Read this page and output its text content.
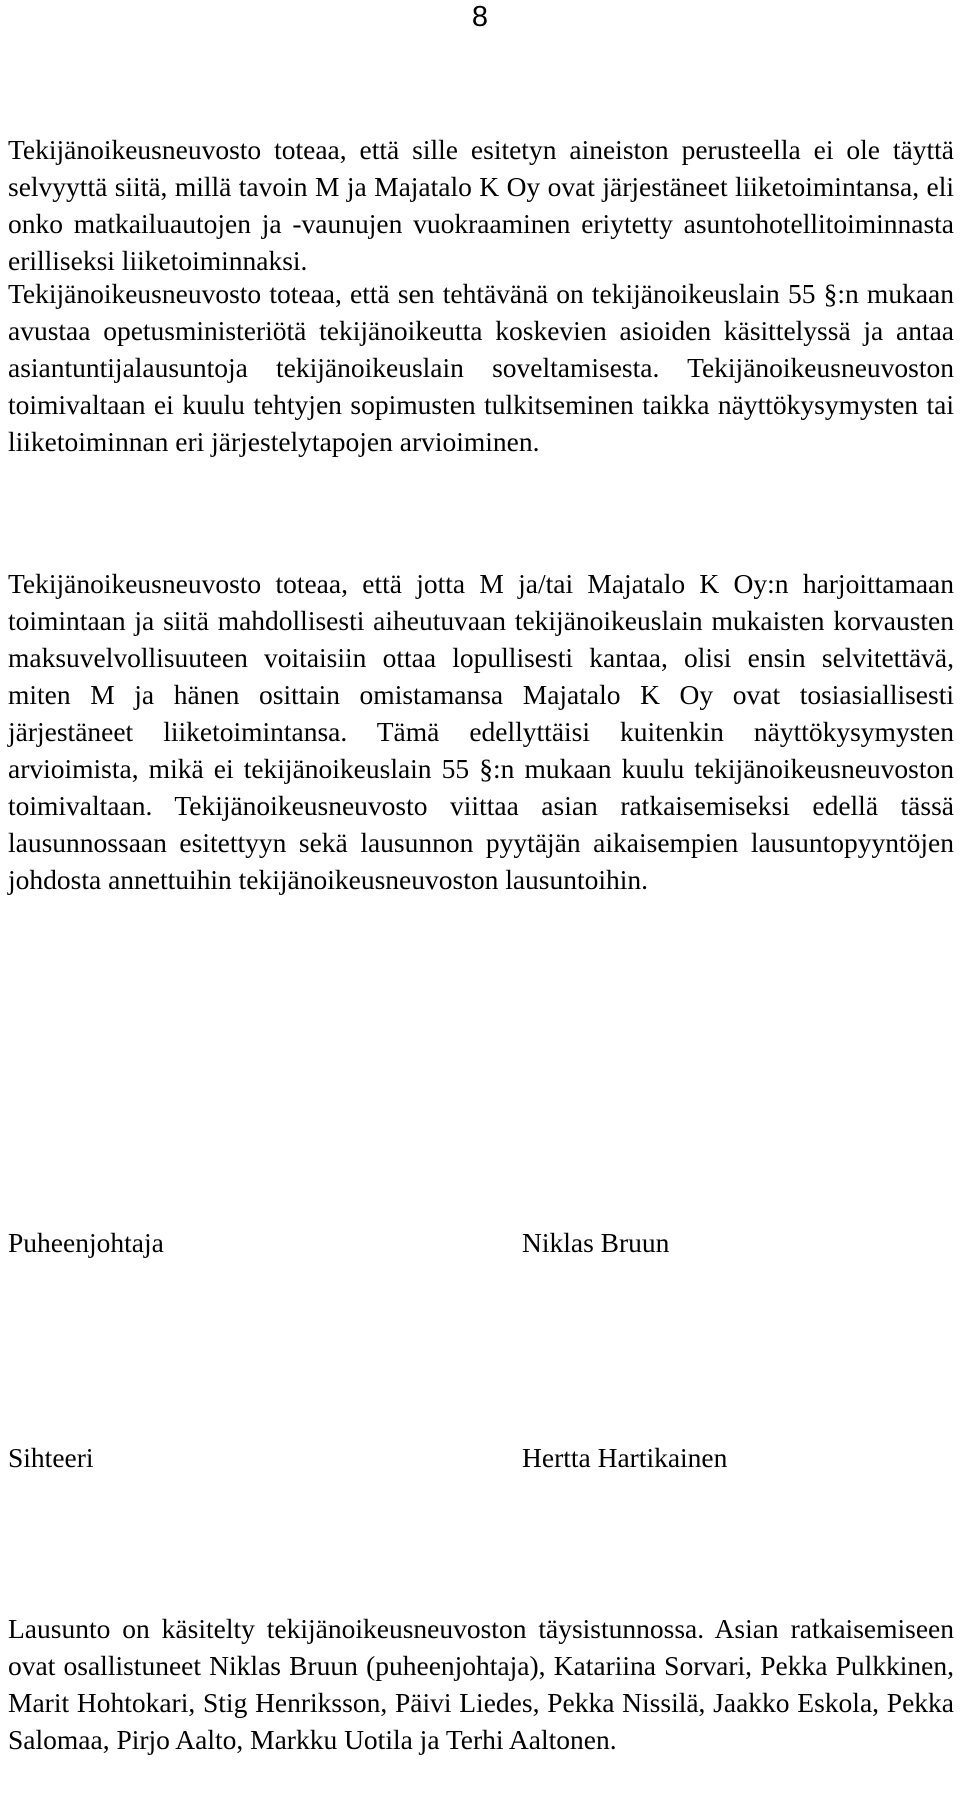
8

Tekijänoikeusneuvosto toteaa, että sille esitetyn aineiston perusteella ei ole täyttä selvyyttä siitä, millä tavoin M ja Majatalo K Oy ovat järjestäneet liiketoimintansa, eli onko matkailuautojen ja -vaunujen vuokraaminen eriytetty asuntohotellitoiminnasta erilliseksi liiketoiminnaksi.

Tekijänoikeusneuvosto toteaa, että sen tehtävänä on tekijänoikeuslain 55 §:n mukaan avustaa opetusministeriötä tekijänoikeutta koskevien asioiden käsittelyssä ja antaa asiantuntijalausuntoja tekijänoikeuslain soveltamisesta. Tekijänoikeusneuvoston toimivaltaan ei kuulu tehtyjen sopimusten tulkitseminen taikka näyttökysymysten tai liiketoiminnan eri järjestelytapojen arvioiminen.

Tekijänoikeusneuvosto toteaa, että jotta M ja/tai Majatalo K Oy:n harjoittamaan toimintaan ja siitä mahdollisesti aiheutuvaan tekijänoikeuslain mukaisten korvausten maksuvelvollisuuteen voitaisiin ottaa lopullisesti kantaa, olisi ensin selvitettävä, miten M ja hänen osittain omistamansa Majatalo K Oy ovat tosiasiallisesti järjestäneet liiketoimintansa. Tämä edellyttäisi kuitenkin näyttökysymysten arvioimista, mikä ei tekijänoikeuslain 55 §:n mukaan kuulu tekijänoikeusneuvoston toimivaltaan. Tekijänoikeusneuvosto viittaa asian ratkaisemiseksi edellä tässä lausunnossaan esitettyyn sekä lausunnon pyytäjän aikaisempien lausuntopyyntöjen johdosta annettuihin tekijänoikeusneuvoston lausuntoihin.

Puheenjohtaja	Niklas Bruun

Sihteeri	Hertta Hartikainen

Lausunto on käsitelty tekijänoikeusneuvoston täysistunnossa. Asian ratkaisemiseen ovat osallistuneet Niklas Bruun (puheenjohtaja), Katariina Sorvari, Pekka Pulkkinen, Marit Hohtokari, Stig Henriksson, Päivi Liedes, Pekka Nissilä, Jaakko Eskola, Pekka Salomaa, Pirjo Aalto, Markku Uotila ja Terhi Aaltonen.
